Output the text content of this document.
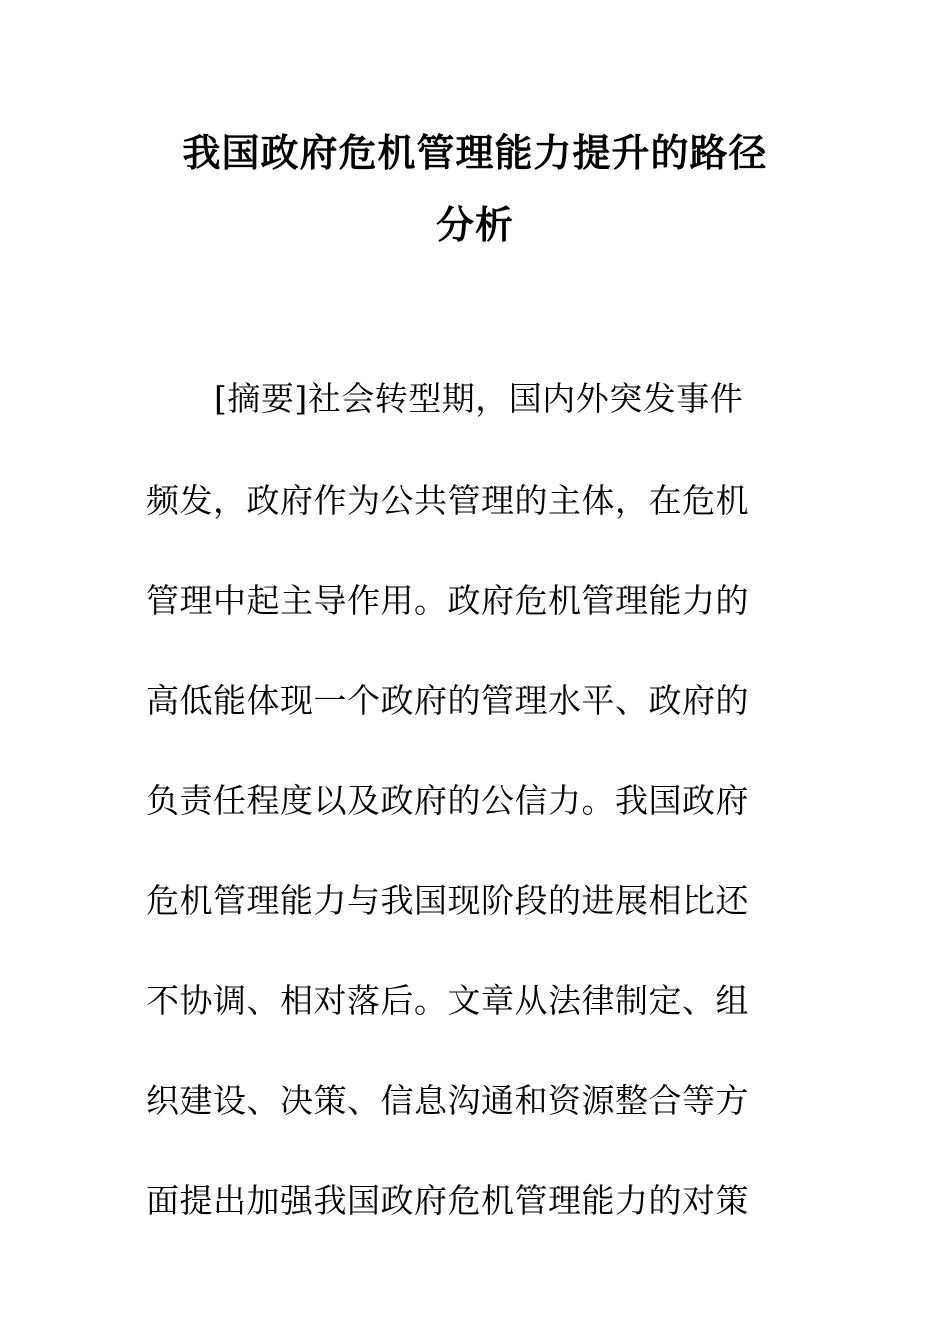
我国政府危机管理能力提升的路径
分析
[摘要]社会转型期，国内外突发事件
频发，政府作为公共管理的主体，在危机
管理中起主导作用。政府危机管理能力的
高低能体现一个政府的管理水平、政府的
负责任程度以及政府的公信力。我国政府
危机管理能力与我国现阶段的进展相比还
不协调、相对落后。文章从法律制定、组
织建设、决策、信息沟通和资源整合等方
面提出加强我国政府危机管理能力的对策
